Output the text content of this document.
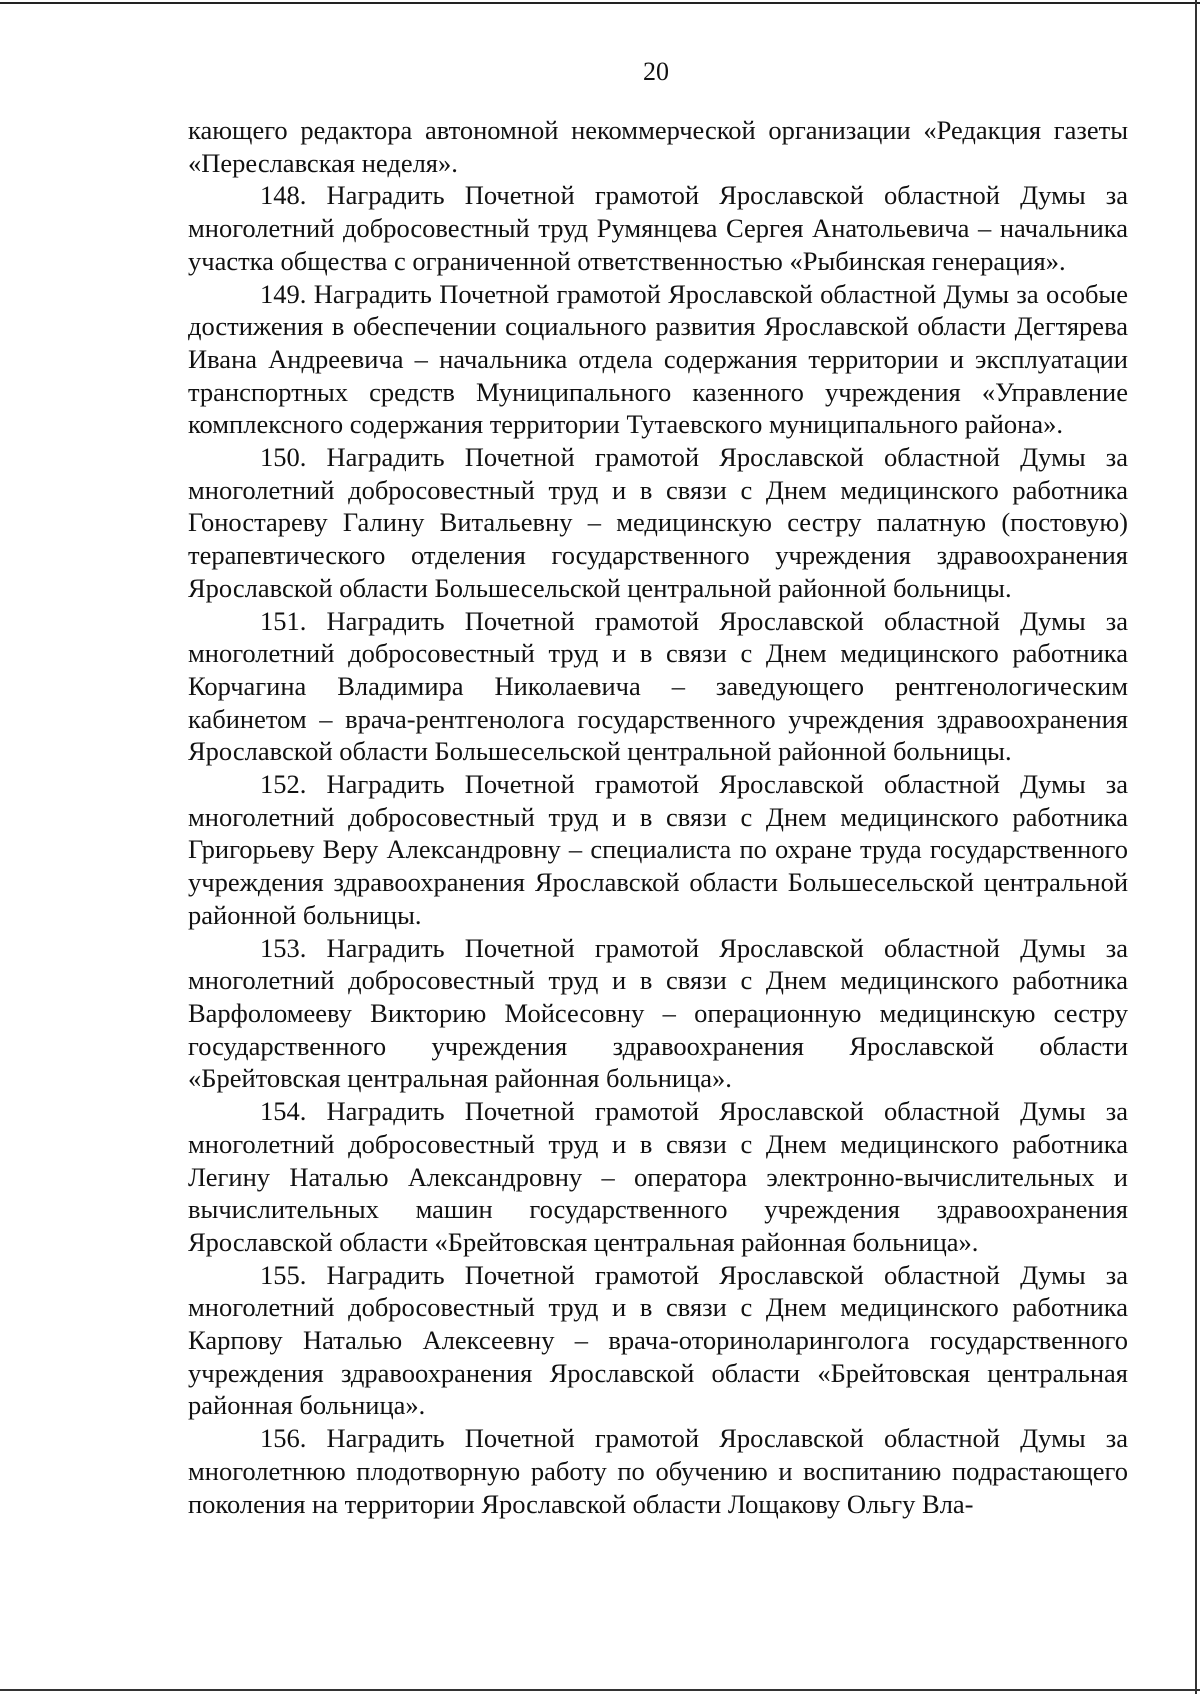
20

кающего редактора автономной некоммерческой организации «Редакция газеты «Переславская неделя».

148. Наградить Почетной грамотой Ярославской областной Думы за многолетний добросовестный труд Румянцева Сергея Анатольевича – начальника участка общества с ограниченной ответственностью «Рыбинская генерация».

149. Наградить Почетной грамотой Ярославской областной Думы за особые достижения в обеспечении социального развития Ярославской области Дегтярева Ивана Андреевича – начальника отдела содержания территории и эксплуатации транспортных средств Муниципального казенного учреждения «Управление комплексного содержания территории Тутаевского муниципального района».

150. Наградить Почетной грамотой Ярославской областной Думы за многолетний добросовестный труд и в связи с Днем медицинского работника Гоностареву Галину Витальевну – медицинскую сестру палатную (постовую) терапевтического отделения государственного учреждения здравоохранения Ярославской области Большесельской центральной районной больницы.

151. Наградить Почетной грамотой Ярославской областной Думы за многолетний добросовестный труд и в связи с Днем медицинского работника Корчагина Владимира Николаевича – заведующего рентгенологическим кабинетом – врача-рентгенолога государственного учреждения здравоохранения Ярославской области Большесельской центральной районной больницы.

152. Наградить Почетной грамотой Ярославской областной Думы за многолетний добросовестный труд и в связи с Днем медицинского работника Григорьеву Веру Александровну – специалиста по охране труда государственного учреждения здравоохранения Ярославской области Большесельской центральной районной больницы.

153. Наградить Почетной грамотой Ярославской областной Думы за многолетний добросовестный труд и в связи с Днем медицинского работника Варфоломееву Викторию Мойсесовну – операционную медицинскую сестру государственного учреждения здравоохранения Ярославской области «Брейтовская центральная районная больница».

154. Наградить Почетной грамотой Ярославской областной Думы за многолетний добросовестный труд и в связи с Днем медицинского работника Легину Наталью Александровну – оператора электронно-вычислительных и вычислительных машин государственного учреждения здравоохранения Ярославской области «Брейтовская центральная районная больница».

155. Наградить Почетной грамотой Ярославской областной Думы за многолетний добросовестный труд и в связи с Днем медицинского работника Карпову Наталью Алексеевну – врача-оториноларинголога государственного учреждения здравоохранения Ярославской области «Брейтовская центральная районная больница».

156. Наградить Почетной грамотой Ярославской областной Думы за многолетнюю плодотворную работу по обучению и воспитанию подрастающего поколения на территории Ярославской области Лощакову Ольгу Вла-
